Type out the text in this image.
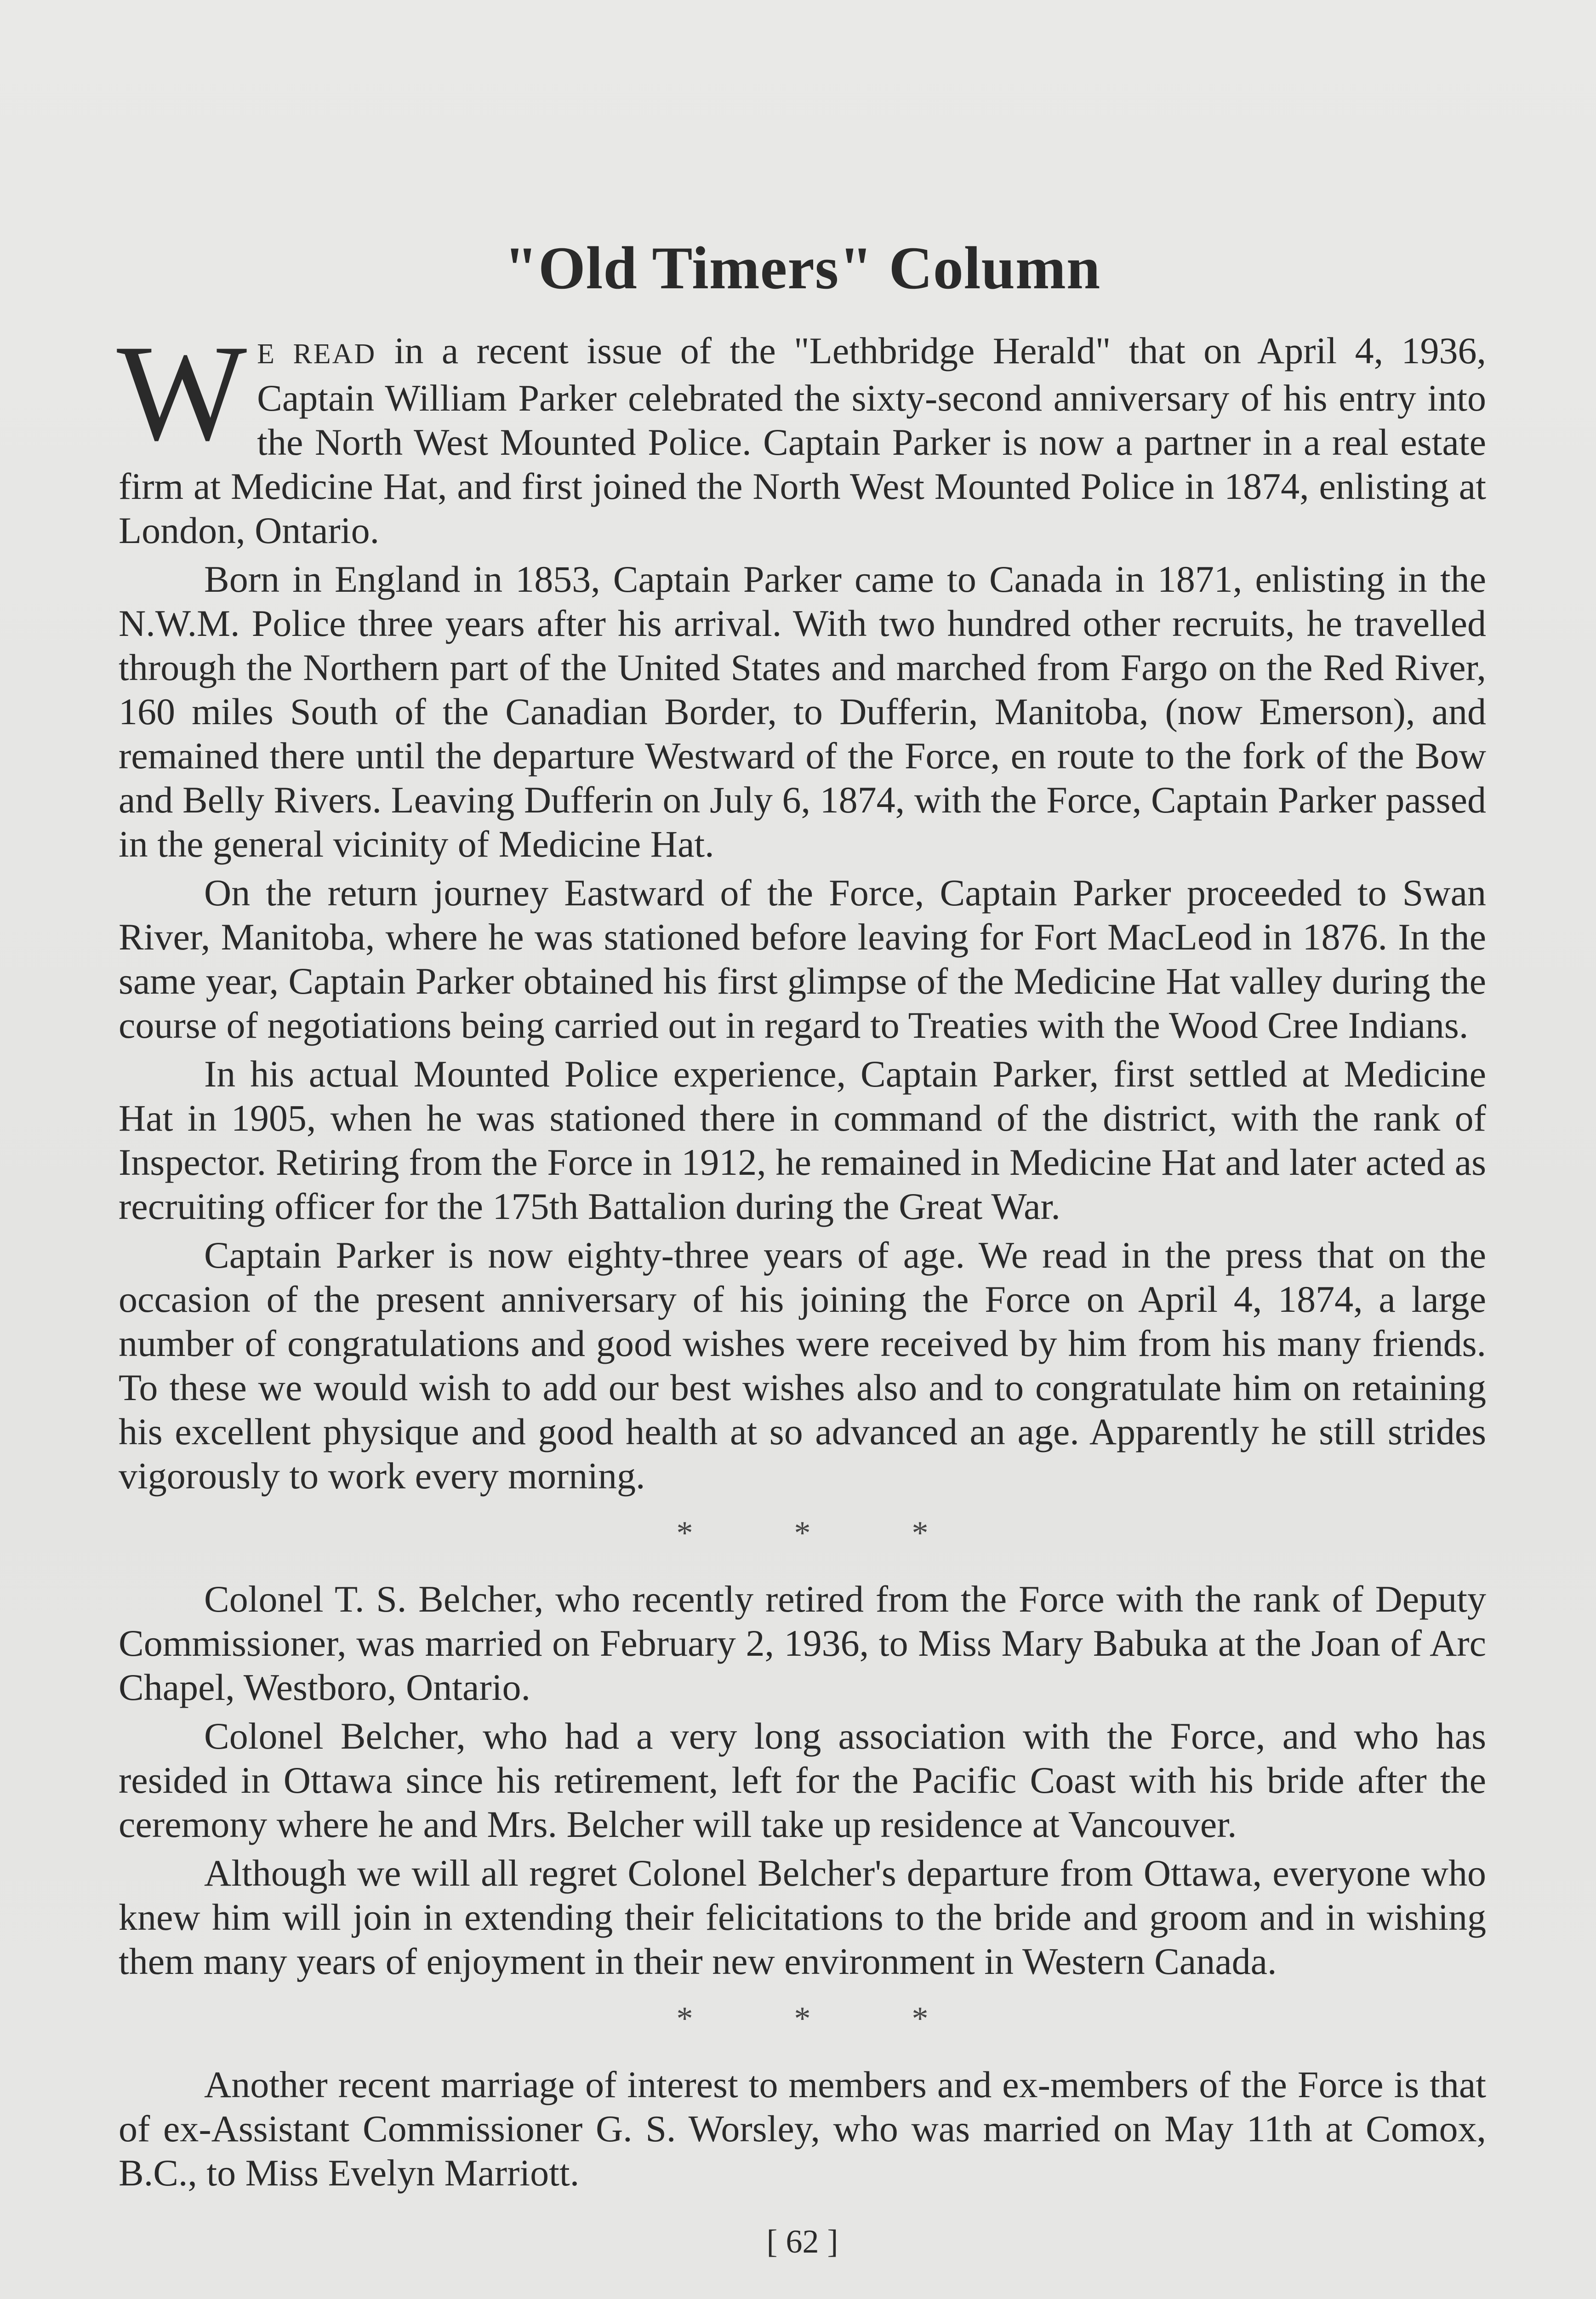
"Old Timers" Column

W E READ in a recent issue of the "Lethbridge Herald" that on April 4, 1936, Captain William Parker celebrated the sixty-second anniversary of his entry into the North West Mounted Police. Captain Parker is now a partner in a real estate firm at Medicine Hat, and first joined the North West Mounted Police in 1874, enlisting at London, Ontario.

Born in England in 1853, Captain Parker came to Canada in 1871, enlisting in the N.W.M. Police three years after his arrival. With two hundred other recruits, he travelled through the Northern part of the United States and marched from Fargo on the Red River, 160 miles South of the Canadian Border, to Dufferin, Manitoba, (now Emerson), and remained there until the departure Westward of the Force, en route to the fork of the Bow and Belly Rivers. Leaving Dufferin on July 6, 1874, with the Force, Captain Parker passed in the general vicinity of Medicine Hat.

On the return journey Eastward of the Force, Captain Parker proceeded to Swan River, Manitoba, where he was stationed before leaving for Fort MacLeod in 1876. In the same year, Captain Parker obtained his first glimpse of the Medicine Hat valley during the course of negotiations being carried out in regard to Treaties with the Wood Cree Indians.

In his actual Mounted Police experience, Captain Parker, first settled at Medicine Hat in 1905, when he was stationed there in command of the district, with the rank of Inspector. Retiring from the Force in 1912, he remained in Medicine Hat and later acted as recruiting officer for the 175th Battalion during the Great War.

Captain Parker is now eighty-three years of age. We read in the press that on the occasion of the present anniversary of his joining the Force on April 4, 1874, a large number of congratulations and good wishes were received by him from his many friends. To these we would wish to add our best wishes also and to congratulate him on retaining his excellent physique and good health at so advanced an age. Apparently he still strides vigorously to work every morning.

*	*	*

Colonel T. S. Belcher, who recently retired from the Force with the rank of Deputy Commissioner, was married on February 2, 1936, to Miss Mary Babuka at the Joan of Arc Chapel, Westboro, Ontario.

Colonel Belcher, who had a very long association with the Force, and who has resided in Ottawa since his retirement, left for the Pacific Coast with his bride after the ceremony where he and Mrs. Belcher will take up residence at Vancouver.

Although we will all regret Colonel Belcher's departure from Ottawa, everyone who knew him will join in extending their felicitations to the bride and groom and in wishing them many years of enjoyment in their new environment in Western Canada.

*	*	*

Another recent marriage of interest to members and ex-members of the Force is that of ex-Assistant Commissioner G. S. Worsley, who was married on May 11th at Comox, B.C., to Miss Evelyn Marriott.

[ 62 ]
